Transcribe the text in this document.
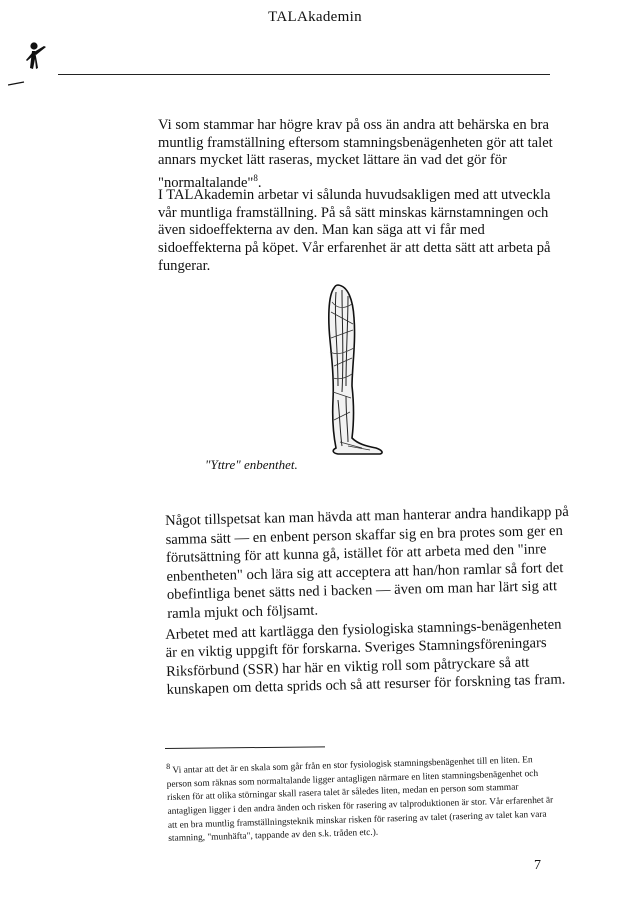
TALAkademin

Vi som stammar har högre krav på oss än andra att behärska en bra muntlig framställning eftersom stamningsbenägenheten gör att talet annars mycket lätt raseras, mycket lättare än vad det gör för "normaltalande"$^8$.

I TALAkademin arbetar vi sålunda huvudsakligen med att utveckla vår muntliga framställning. På så sätt minskas kärnstamningen och även sidoeffekterna av den. Man kan säga att vi får med sidoeffekterna på köpet. Vår erfarenhet är att detta sätt att arbeta på fungerar.

"Yttre" enbenthet.

Något tillspetsat kan man hävda att man hanterar andra handikapp på samma sätt — en enbent person skaffar sig en bra protes som ger en förutsättning för att kunna gå, istället för att arbeta med den "inre enbentheten" och lära sig att acceptera att han/hon ramlar så fort det obefintliga benet sätts ned i backen — även om man har lärt sig att ramla mjukt och följsamt.

Arbetet med att kartlägga den fysiologiska stamnings-benägenheten är en viktig uppgift för forskarna. Sveriges Stamningsföreningars Riksförbund (SSR) har här en viktig roll som påtryckare så att kunskapen om detta sprids och så att resurser för forskning tas fram.

$^8$ Vi antar att det är en skala som går från en stor fysiologisk stamningsbenägenhet till en liten. En person som räknas som normaltalande ligger antagligen närmare en liten stamningsbenägenhet och risken för att olika störningar skall rasera talet är således liten, medan en person som stammar antagligen ligger i den andra änden och risken för rasering av talproduktionen är stor. Vår erfarenhet är att en bra muntlig framställningsteknik minskar risken för rasering av talet (rasering av talet kan vara stamning, "munhäfta", tappande av den s.k. tråden etc.).
7
